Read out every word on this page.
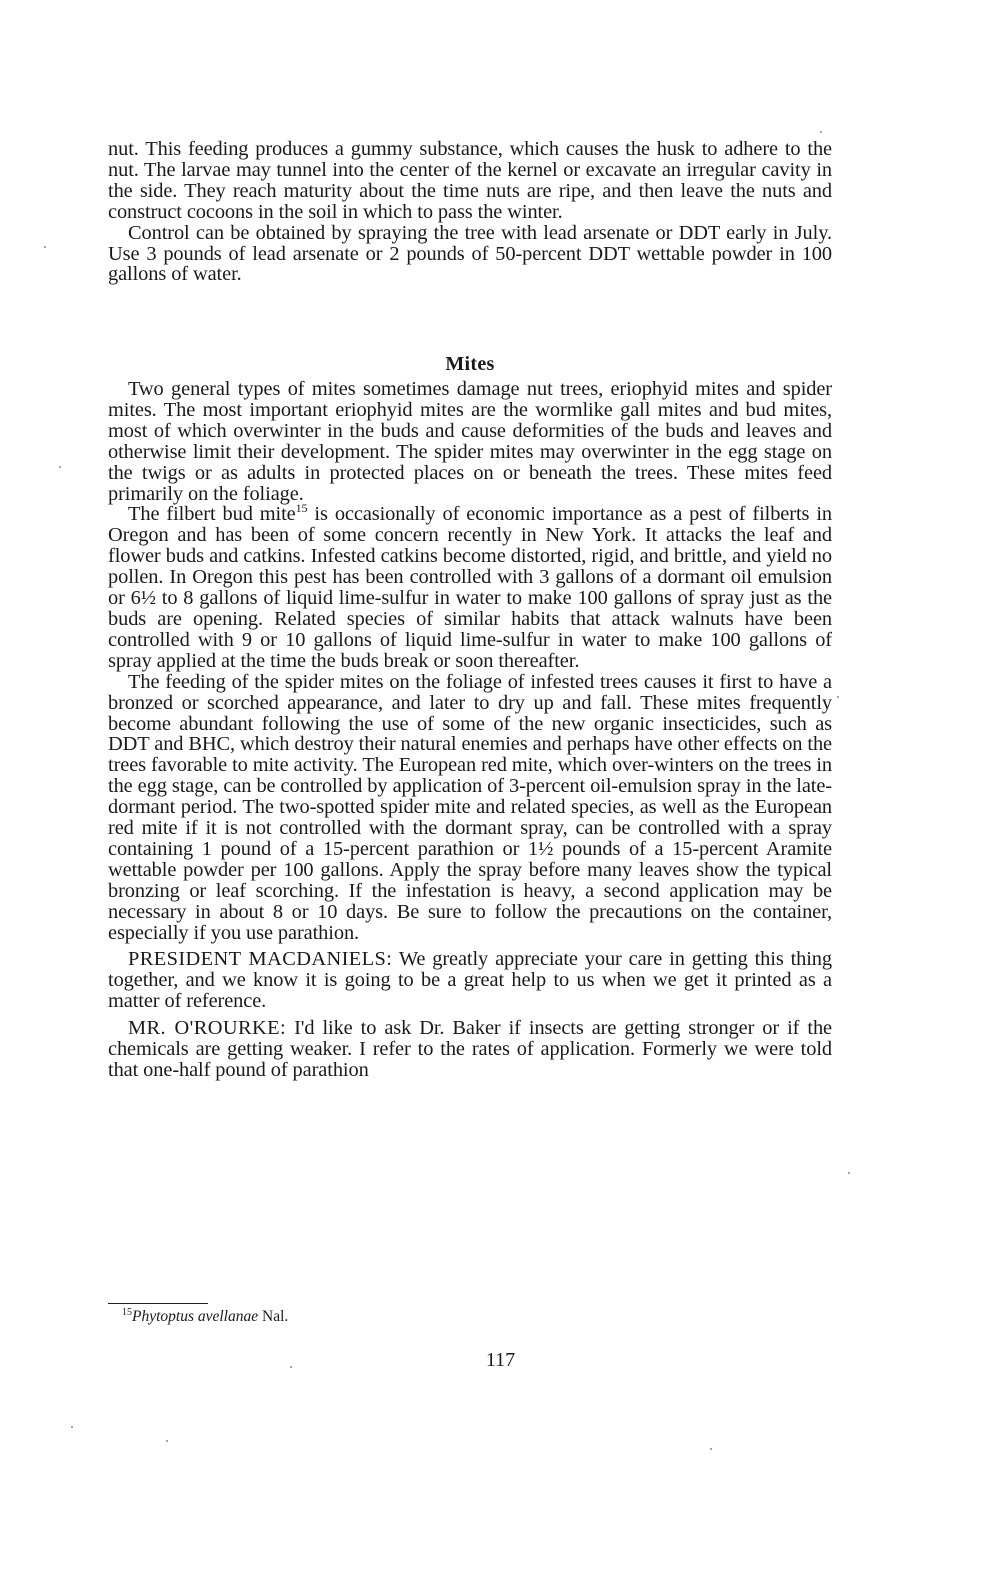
nut. This feeding produces a gummy substance, which causes the husk to adhere to the nut. The larvae may tunnel into the center of the kernel or excavate an irregular cavity in the side. They reach maturity about the time nuts are ripe, and then leave the nuts and construct cocoons in the soil in which to pass the winter.

Control can be obtained by spraying the tree with lead arsenate or DDT early in July. Use 3 pounds of lead arsenate or 2 pounds of 50-percent DDT wettable powder in 100 gallons of water.

Mites

Two general types of mites sometimes damage nut trees, eriophyid mites and spider mites. The most important eriophyid mites are the wormlike gall mites and bud mites, most of which overwinter in the buds and cause deformities of the buds and leaves and otherwise limit their development. The spider mites may overwinter in the egg stage on the twigs or as adults in protected places on or beneath the trees. These mites feed primarily on the foliage.

The filbert bud mite$^{15}$ is occasionally of economic importance as a pest of filberts in Oregon and has been of some concern recently in New York. It attacks the leaf and flower buds and catkins. Infested catkins become distorted, rigid, and brittle, and yield no pollen. In Oregon this pest has been controlled with 3 gallons of a dormant oil emulsion or 6½ to 8 gallons of liquid lime-sulfur in water to make 100 gallons of spray just as the buds are opening. Related species of similar habits that attack walnuts have been controlled with 9 or 10 gallons of liquid lime-sulfur in water to make 100 gallons of spray applied at the time the buds break or soon thereafter.

The feeding of the spider mites on the foliage of infested trees causes it first to have a bronzed or scorched appearance, and later to dry up and fall. These mites frequently become abundant following the use of some of the new organic insecticides, such as DDT and BHC, which destroy their natural enemies and perhaps have other effects on the trees favorable to mite activity. The European red mite, which over-winters on the trees in the egg stage, can be controlled by application of 3-percent oil-emulsion spray in the late-dormant period. The two-spotted spider mite and related species, as well as the European red mite if it is not controlled with the dormant spray, can be controlled with a spray containing 1 pound of a 15-percent parathion or 1½ pounds of a 15-percent Aramite wettable powder per 100 gallons. Apply the spray before many leaves show the typical bronzing or leaf scorching. If the infestation is heavy, a second application may be necessary in about 8 or 10 days. Be sure to follow the precautions on the container, especially if you use parathion.

PRESIDENT MACDANIELS: We greatly appreciate your care in getting this thing together, and we know it is going to be a great help to us when we get it printed as a matter of reference.

MR. O'ROURKE: I'd like to ask Dr. Baker if insects are getting stronger or if the chemicals are getting weaker. I refer to the rates of application. Formerly we were told that one-half pound of parathion

$^{15}$Phytoptus avellanae Nal.
117
